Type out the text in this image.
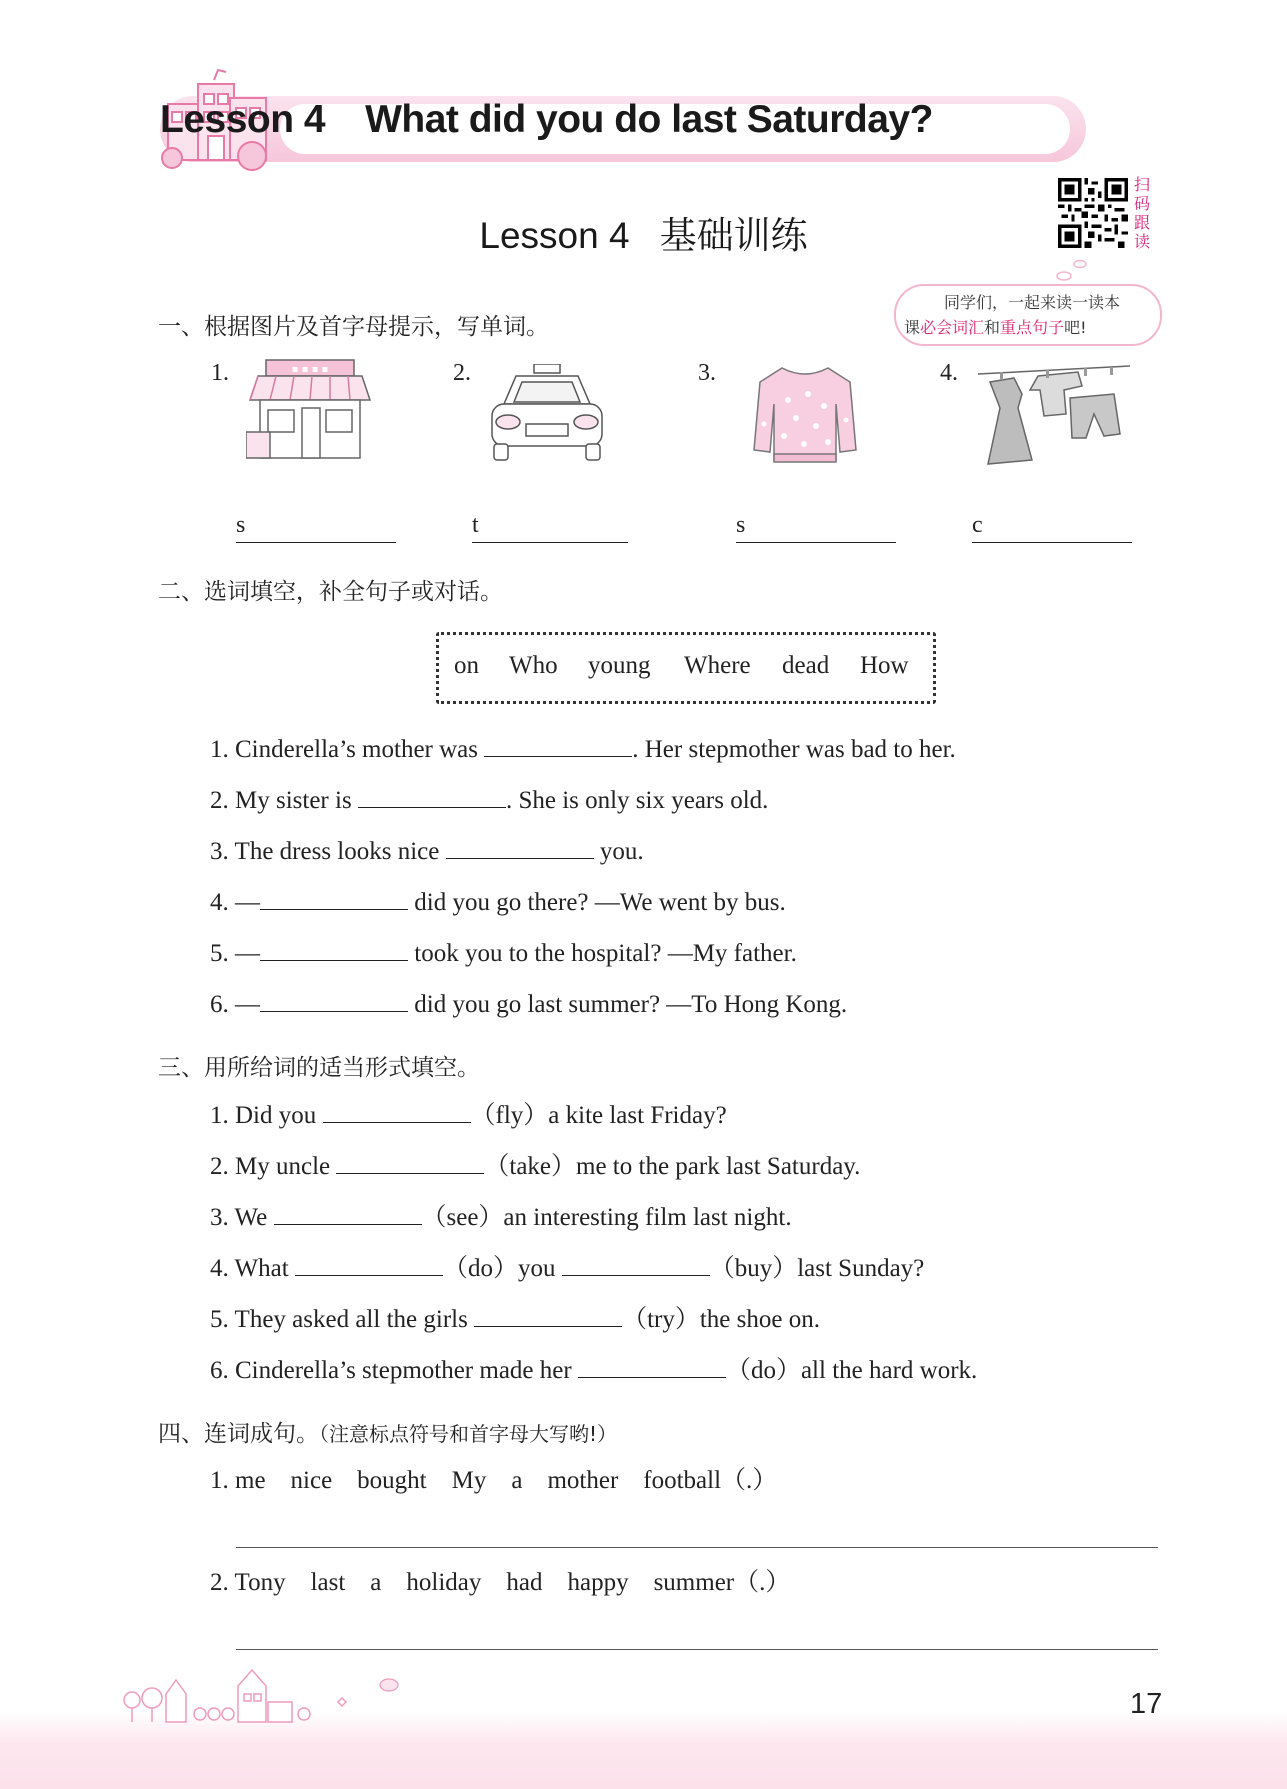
Lesson 4 What did you do last Saturday?
Lesson 4 基础训练
扫
码
跟
读
同学们，一起来读一读本
课必会词汇和重点句子吧!
一、根据图片及首字母提示，写单词。
1.	▪ ▪ ▪ ▪	2.	3.	4.
s	t	s	c
二、选词填空，补全句子或对话。
on Who young Where dead How
1. Cinderella’s mother was	. Her stepmother was bad to her.
2. My sister is	. She is only six years old.
3. The dress looks nice	you.
4. —	did you go there? —We went by bus.
5. —	took you to the hospital? —My father.
6. —	did you go last summer? —To Hong Kong.
三、用所给词的适当形式填空。
1. Did you	（fly）a kite last Friday?
2. My uncle	（take）me to the park last Saturday.
3. We	（see）an interesting film last night.
4. What	（do）you	（buy）last Sunday?
5. They asked all the girls	（try）the shoe on.
6. Cinderella’s stepmother made her	（do）all the hard work.
四、连词成句。（注意标点符号和首字母大写哟!）
1. me    nice    bought    My    a    mother    football（.）
2. Tony    last    a    holiday    had    happy    summer（.）
17
